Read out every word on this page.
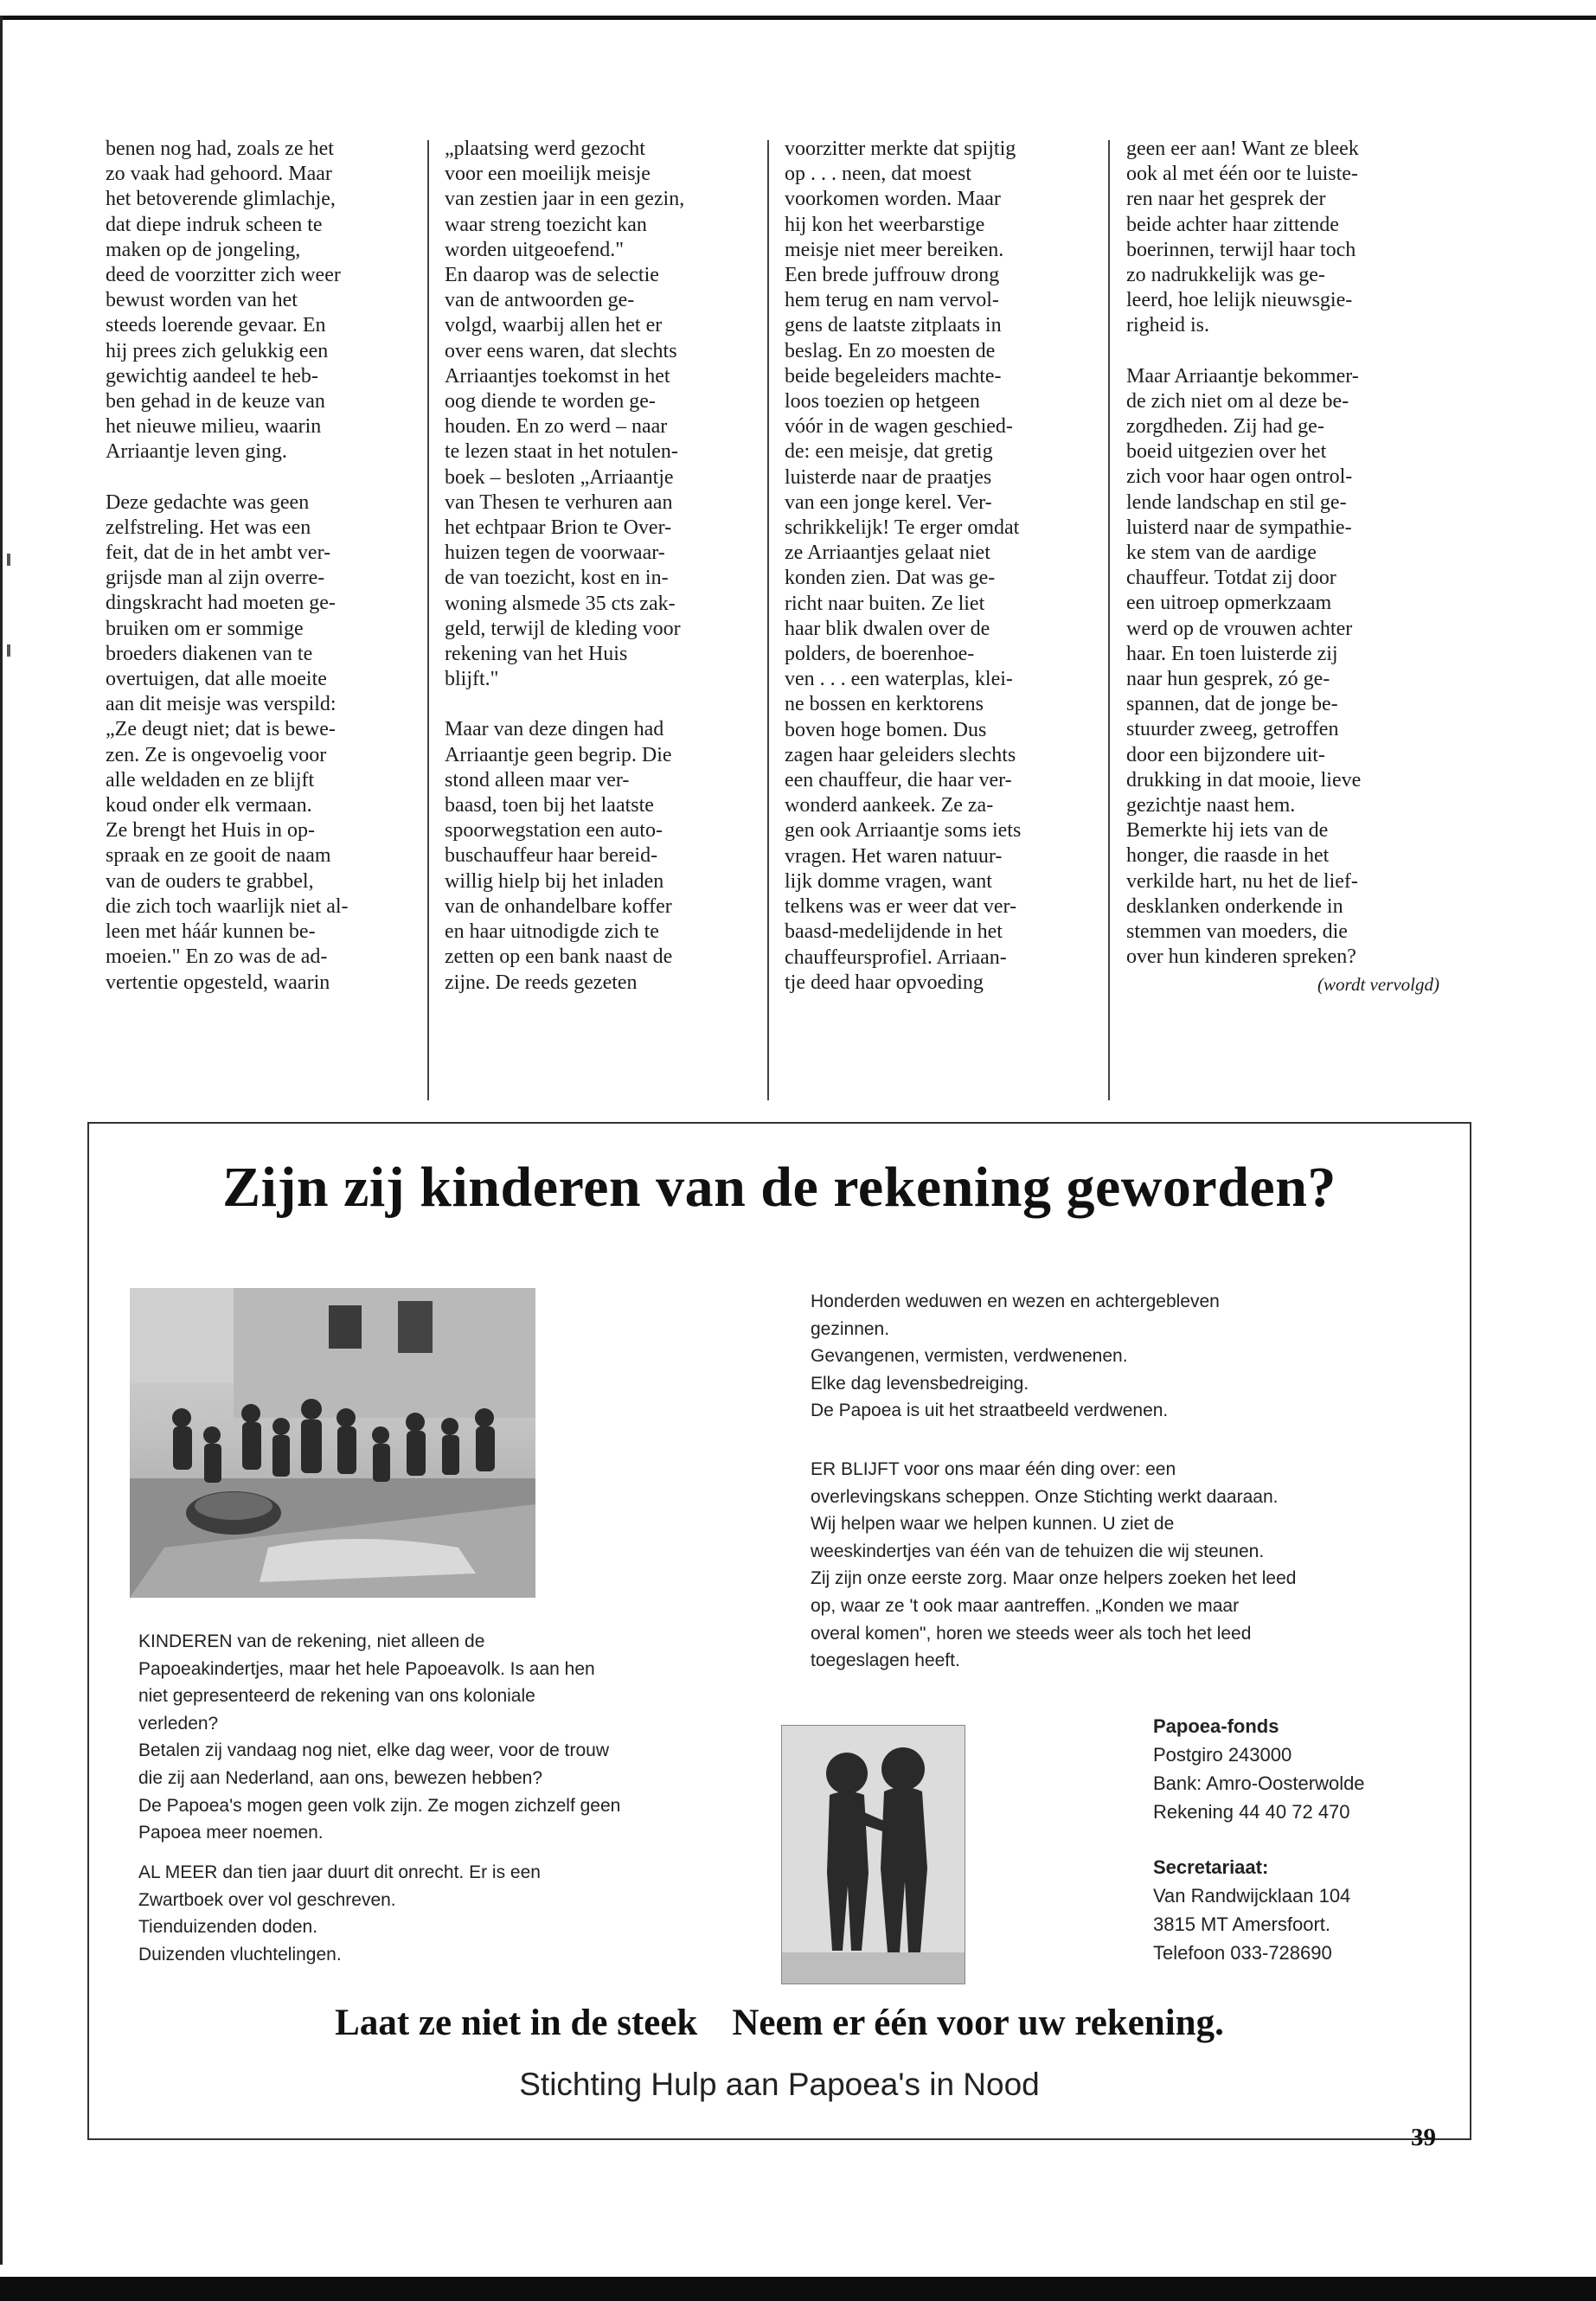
benen nog had, zoals ze het
zo vaak had gehoord. Maar
het betoverende glimlachje,
dat diepe indruk scheen te
maken op de jongeling,
deed de voorzitter zich weer
bewust worden van het
steeds loerende gevaar. En
hij prees zich gelukkig een
gewichtig aandeel te heb-
ben gehad in de keuze van
het nieuwe milieu, waarin
Arriaantje leven ging.

Deze gedachte was geen
zelfstreling. Het was een
feit, dat de in het ambt ver-
grijsde man al zijn overre-
dingskracht had moeten ge-
bruiken om er sommige
broeders diakenen van te
overtuigen, dat alle moeite
aan dit meisje was verspild:
„Ze deugt niet; dat is bewe-
zen. Ze is ongevoelig voor
alle weldaden en ze blijft
koud onder elk vermaan.
Ze brengt het Huis in op-
spraak en ze gooit de naam
van de ouders te grabbel,
die zich toch waarlijk niet al-
leen met háár kunnen be-
moeien." En zo was de ad-
vertentie opgesteld, waarin

„plaatsing werd gezocht
voor een moeilijk meisje
van zestien jaar in een gezin,
waar streng toezicht kan
worden uitgeoefend."
En daarop was de selectie
van de antwoorden ge-
volgd, waarbij allen het er
over eens waren, dat slechts
Arriaantjes toekomst in het
oog diende te worden ge-
houden. En zo werd – naar
te lezen staat in het notulen-
boek – besloten „Arriaantje
van Thesen te verhuren aan
het echtpaar Brion te Over-
huizen tegen de voorwaar-
de van toezicht, kost en in-
woning alsmede 35 cts zak-
geld, terwijl de kleding voor
rekening van het Huis
blijft."

Maar van deze dingen had
Arriaantje geen begrip. Die
stond alleen maar ver-
baasd, toen bij het laatste
spoorwegstation een auto-
buschauffeur haar bereid-
willig hielp bij het inladen
van de onhandelbare koffer
en haar uitnodigde zich te
zetten op een bank naast de
zijne. De reeds gezeten

voorzitter merkte dat spijtig
op . . . neen, dat moest
voorkomen worden. Maar
hij kon het weerbarstige
meisje niet meer bereiken.
Een brede juffrouw drong
hem terug en nam vervol-
gens de laatste zitplaats in
beslag. En zo moesten de
beide begeleiders machte-
loos toezien op hetgeen
vóór in de wagen geschied-
de: een meisje, dat gretig
luisterde naar de praatjes
van een jonge kerel. Ver-
schrikkelijk! Te erger omdat
ze Arriaantjes gelaat niet
konden zien. Dat was ge-
richt naar buiten. Ze liet
haar blik dwalen over de
polders, de boerenhoe-
ven . . . een waterplas, klei-
ne bossen en kerktorens
boven hoge bomen. Dus
zagen haar geleiders slechts
een chauffeur, die haar ver-
wonderd aankeek. Ze za-
gen ook Arriaantje soms iets
vragen. Het waren natuur-
lijk domme vragen, want
telkens was er weer dat ver-
baasd-medelijdende in het
chauffeursprofiel. Arriaan-
tje deed haar opvoeding

geen eer aan! Want ze bleek
ook al met één oor te luiste-
ren naar het gesprek der
beide achter haar zittende
boerinnen, terwijl haar toch
zo nadrukkelijk was ge-
leerd, hoe lelijk nieuwsgie-
righeid is.

Maar Arriaantje bekommer-
de zich niet om al deze be-
zorgdheden. Zij had ge-
boeid uitgezien over het
zich voor haar ogen ontrol-
lende landschap en stil ge-
luisterd naar de sympathie-
ke stem van de aardige
chauffeur. Totdat zij door
een uitroep opmerkzaam
werd op de vrouwen achter
haar. En toen luisterde zij
naar hun gesprek, zó ge-
spannen, dat de jonge be-
stuurder zweeg, getroffen
door een bijzondere uit-
drukking in dat mooie, lieve
gezichtje naast hem.
Bemerkte hij iets van de
honger, die raasde in het
verkilde hart, nu het de lief-
desklanken onderkende in
stemmen van moeders, die
over hun kinderen spreken?

(wordt vervolgd)

Zijn zij kinderen van de rekening geworden?

KINDEREN van de rekening, niet alleen de
Papoeakindertjes, maar het hele Papoeavolk. Is aan hen
niet gepresenteerd de rekening van ons koloniale
verleden?
Betalen zij vandaag nog niet, elke dag weer, voor de trouw
die zij aan Nederland, aan ons, bewezen hebben?
De Papoea's mogen geen volk zijn. Ze mogen zichzelf geen
Papoea meer noemen.

AL MEER dan tien jaar duurt dit onrecht. Er is een
Zwartboek over vol geschreven.
Tienduizenden doden.
Duizenden vluchtelingen.

Honderden weduwen en wezen en achtergebleven
gezinnen.
Gevangenen, vermisten, verdwenenen.
Elke dag levensbedreiging.
De Papoea is uit het straatbeeld verdwenen.

ER BLIJFT voor ons maar één ding over: een
overlevingskans scheppen. Onze Stichting werkt daaraan.
Wij helpen waar we helpen kunnen. U ziet de
weeskindertjes van één van de tehuizen die wij steunen.
Zij zijn onze eerste zorg. Maar onze helpers zoeken het leed
op, waar ze 't ook maar aantreffen. „Konden we maar
overal komen", horen we steeds weer als toch het leed
toegeslagen heeft.

Papoea-fonds

Postgiro 243000

Bank: Amro-Oosterwolde

Rekening 44 40 72 470

Secretariaat:

Van Randwijcklaan 104

3815 MT Amersfoort.

Telefoon 033-728690

Laat ze niet in de steek Neem er één voor uw rekening.
Stichting Hulp aan Papoea's in Nood
39
